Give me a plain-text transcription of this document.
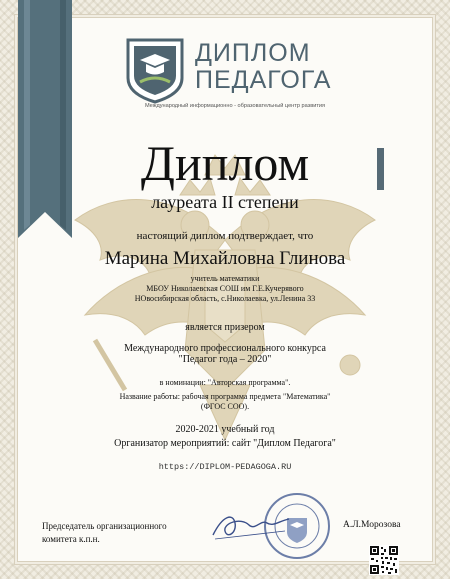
ДИПЛОМ
ПЕДАГОГА
Международный информационно - образовательный центр развития
Диплом
лауреата II степени
настоящий диплом подтверждает, что
Марина Михайловна Глинова
учитель математики
МБОУ Николаевская СОШ им Г.Е.Кучерявого
НОвосибирская область, с.Николаевка, ул.Ленина 33
является призером
Международного профессионального конкурса
"Педагог года – 2020"
в номинации: "Авторская программа".
Название работы: рабочая программа предмета "Математика"
(ФГОС СОО).
2020-2021 учебный год
Организатор мероприятий: сайт "Диплом Педагога"
https://DIPLOM-PEDAGOGA.RU
Председатель организационного
комитета к.п.н.
А.Л.Морозова
